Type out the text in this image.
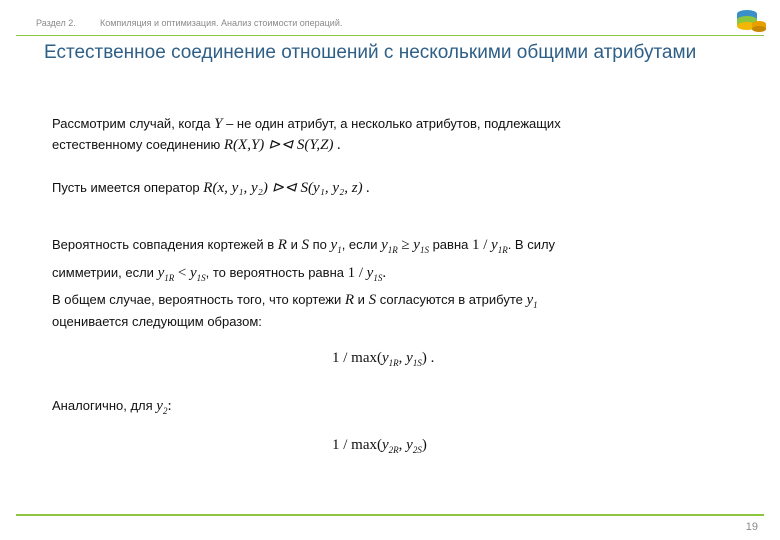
Раздел 2.	Компиляция и оптимизация. Анализ стоимости операций.
Естественное соединение отношений с несколькими общими атрибутами
Рассмотрим случай, когда Y – не один атрибут, а несколько атрибутов, подлежащих
естественному соединению R(X,Y) ⊳⊲ S(Y,Z) .
Пусть имеется оператор R(x, y₁, y₂) ⊳⊲ S(y₁, y₂, z) .
Вероятность совпадения кортежей в R и S по $y_1$, если $y_{1R} \ge y_{1S}$ равна $1 / y_{1R}$. В силу
симметрии, если $y_{1R} < y_{1S}$, то вероятность равна $1 / y_{1S}$.
В общем случае, вероятность того, что кортежи R и S согласуются в атрибуте $y_1$
оценивается следующим образом:
$1 / \max(y_{1R}$, $y_{1S}$) .
Аналогично, для $y_2$:
$1 / \max(y_{2R}$, $y_{2S}$)
19
